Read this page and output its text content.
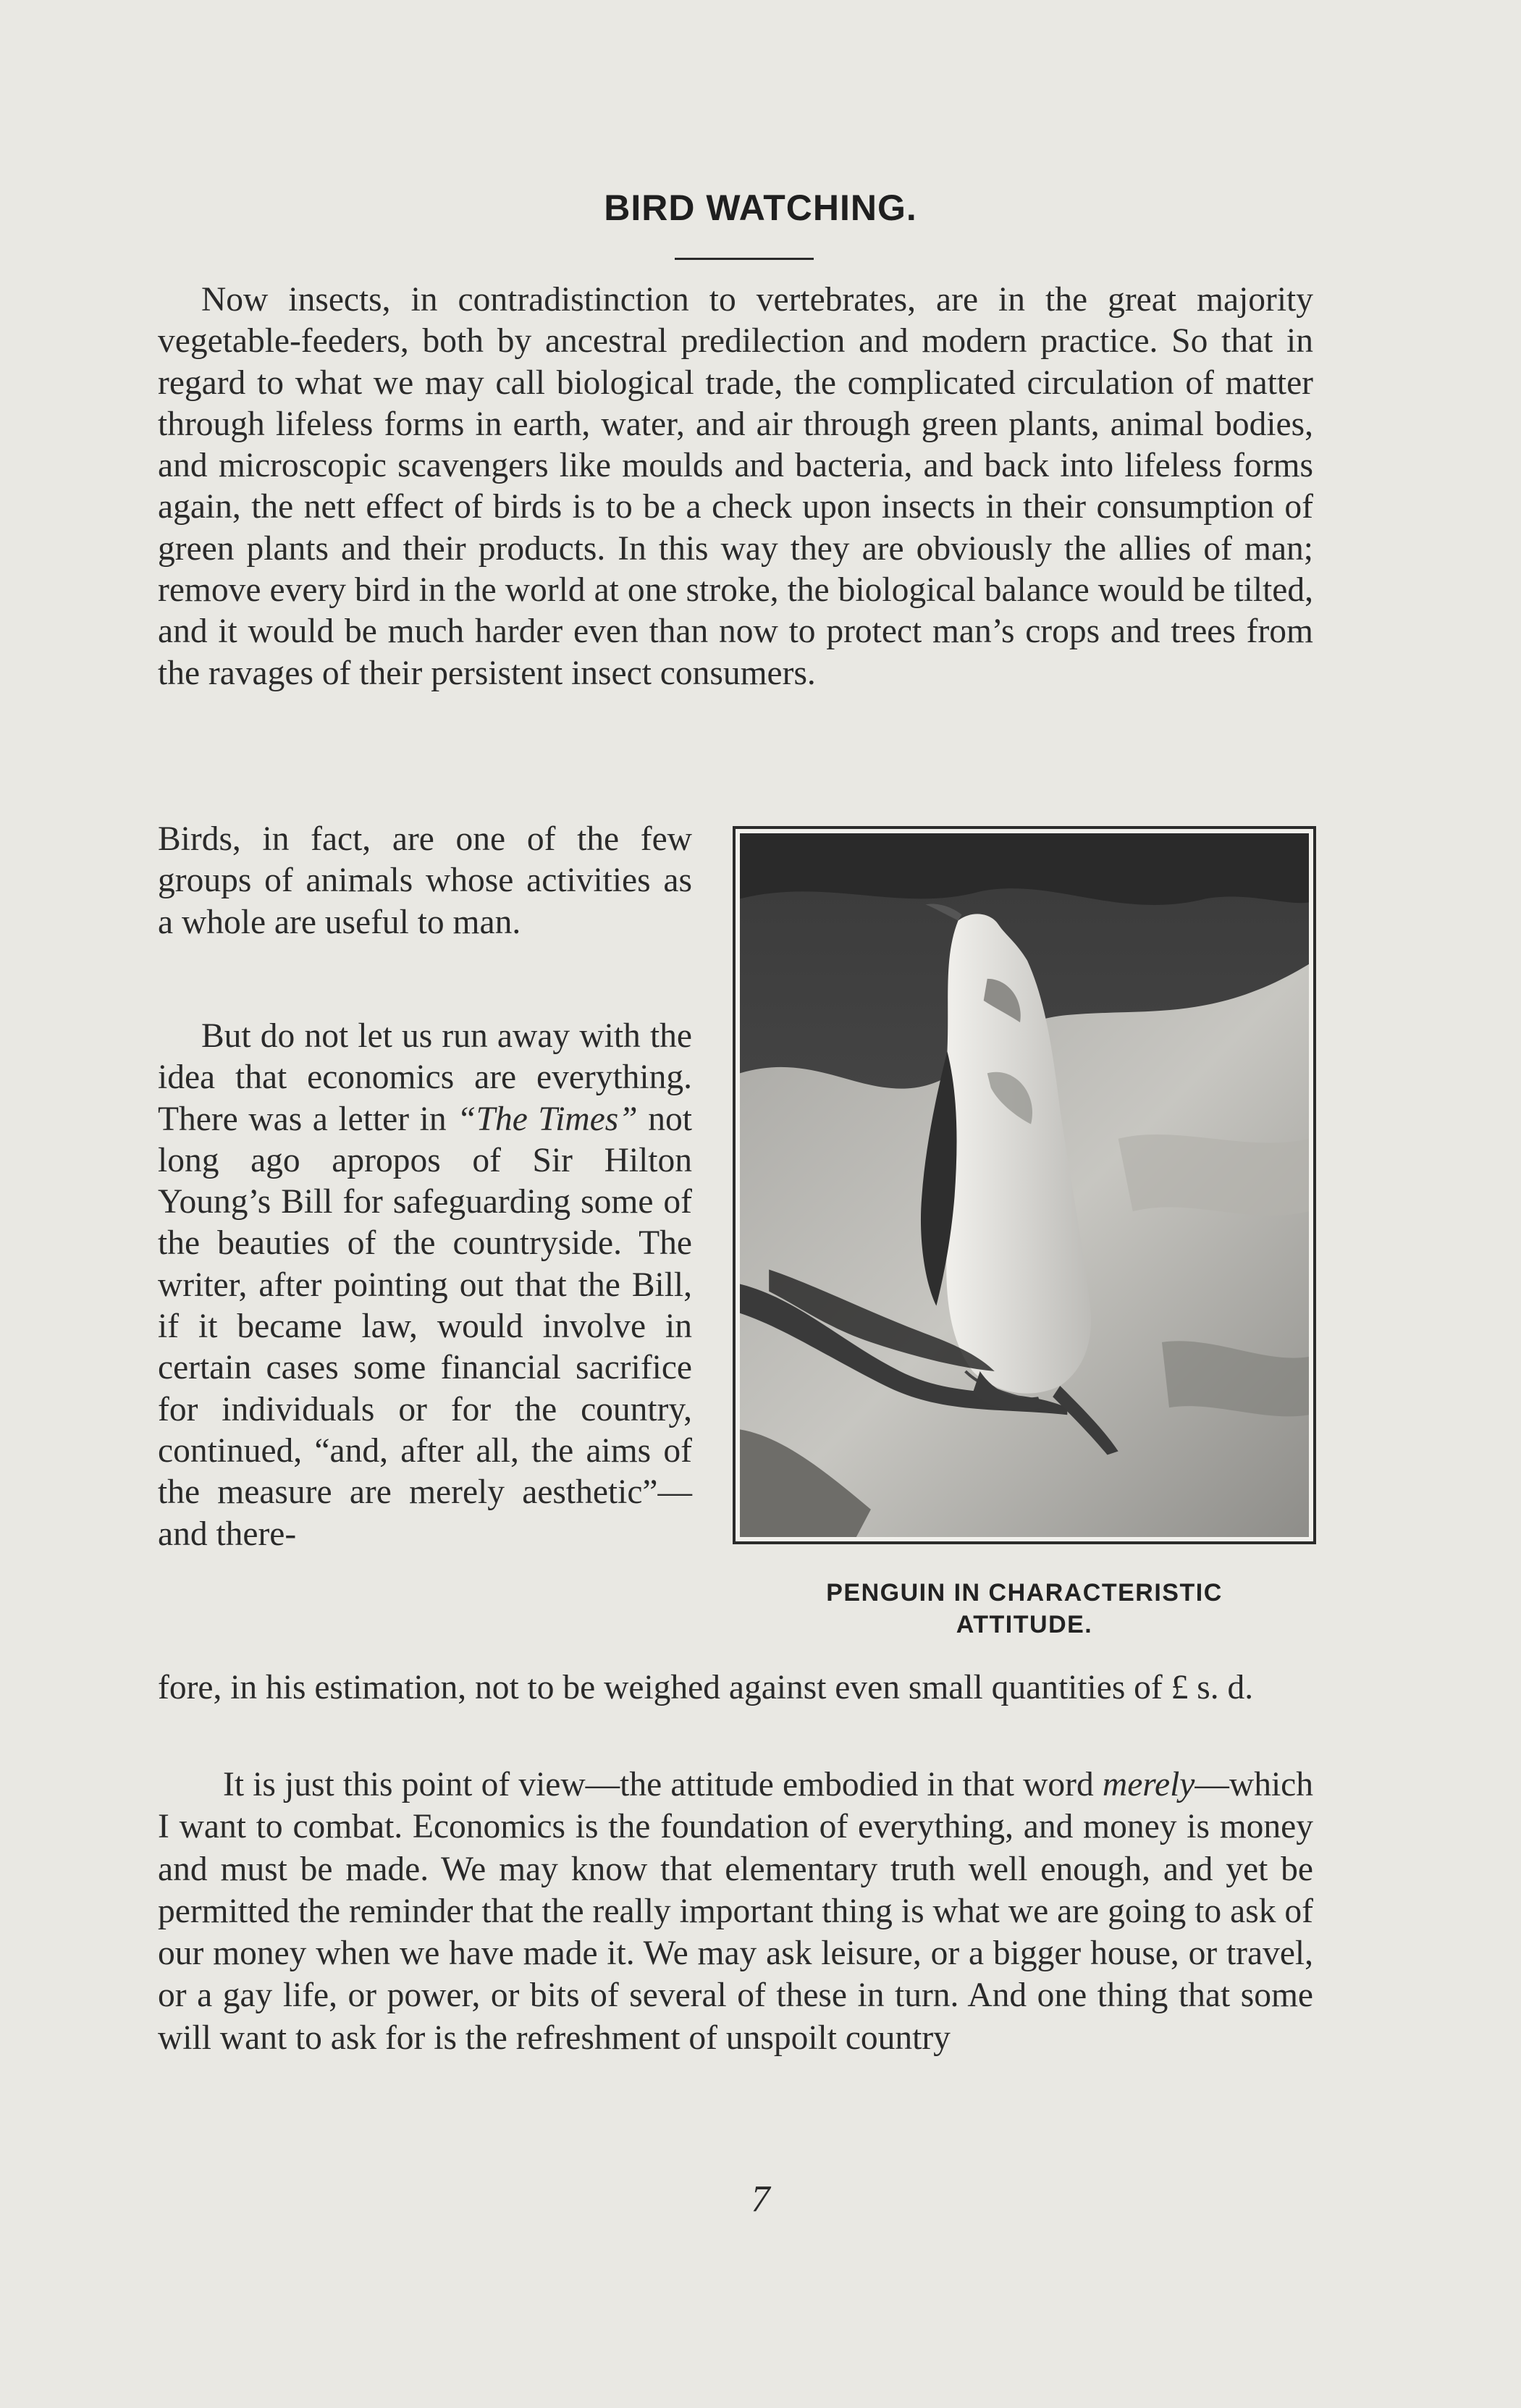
BIRD WATCHING.

Now insects, in contradistinction to vertebrates, are in the great majority vegetable-feeders, both by ancestral predilection and modern practice. So that in regard to what we may call biological trade, the complicated circulation of matter through lifeless forms in earth, water, and air through green plants, animal bodies, and microscopic scavengers like moulds and bacteria, and back into lifeless forms again, the nett effect of birds is to be a check upon insects in their consumption of green plants and their products. In this way they are obviously the allies of man; remove every bird in the world at one stroke, the biological balance would be tilted, and it would be much harder even than now to protect man’s crops and trees from the ravages of their persistent insect consumers.

Birds, in fact, are one of the few groups of animals whose activities as a whole are useful to man.

But do not let us run away with the idea that economics are everything. There was a letter in “The Times” not long ago apropos of Sir Hilton Young’s Bill for safeguarding some of the beauties of the countryside. The writer, after pointing out that the Bill, if it became law, would involve in certain cases some financial sacrifice for individuals or for the country, continued, “and, after all, the aims of the measure are merely aesthetic”—and there-

PENGUIN IN CHARACTERISTIC
ATTITUDE.

fore, in his estimation, not to be weighed against even small quantities of £ s. d.

It is just this point of view—the attitude embodied in that word merely—which I want to combat. Economics is the foundation of everything, and money is money and must be made. We may know that elementary truth well enough, and yet be permitted the reminder that the really important thing is what we are going to ask of our money when we have made it. We may ask leisure, or a bigger house, or travel, or a gay life, or power, or bits of several of these in turn. And one thing that some will want to ask for is the refreshment of unspoilt country

7
